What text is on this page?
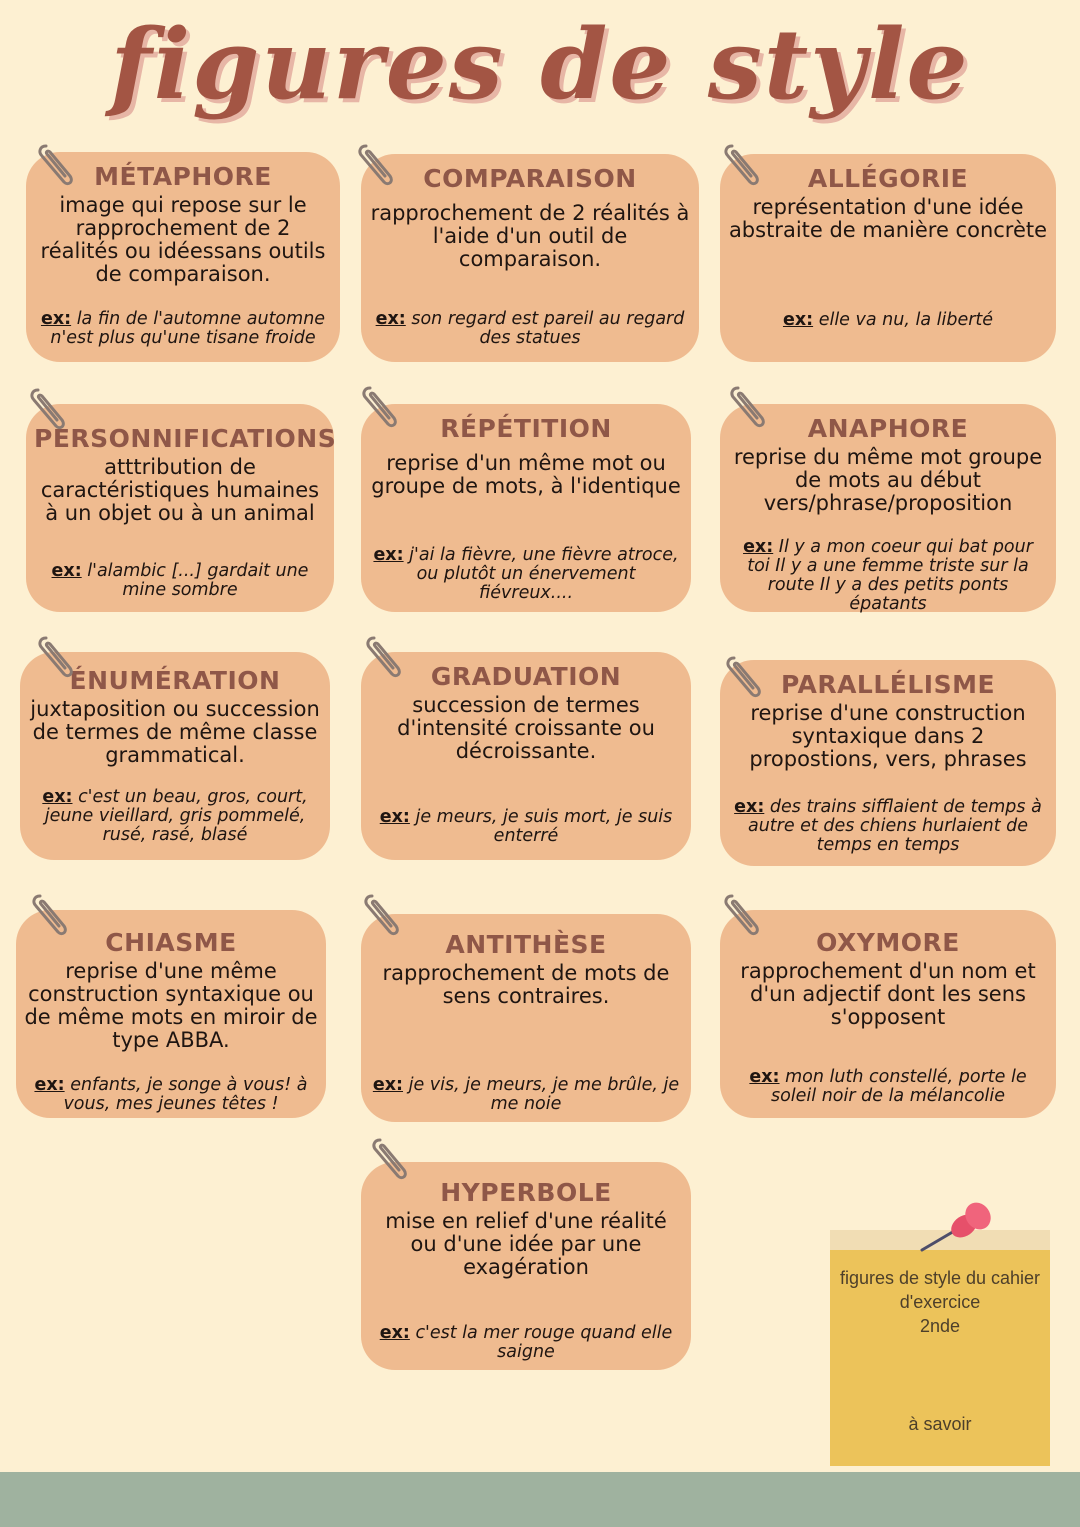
figures de style
MÉTAPHORE
image qui repose sur le rapprochement de 2 réalités ou idéessans outils de comparaison.
ex: la fin de l'automne automne n'est plus qu'une tisane froide
COMPARAISON
rapprochement de 2 réalités à l'aide d'un outil de comparaison.
ex: son regard est pareil au regard des statues
ALLÉGORIE
représentation d'une idée abstraite de manière concrète
ex: elle va nu, la liberté
PERSONNIFICATIONS
atttribution de caractéristiques humaines à un objet ou à un animal
ex: l'alambic [...] gardait une mine sombre
RÉPÉTITION
reprise d'un même mot ou groupe de mots, à l'identique
ex: j'ai la fièvre, une fièvre atroce, ou plutôt un énervement fiévreux....
ANAPHORE
reprise du même mot groupe de mots au début vers/phrase/proposition
ex: Il y a mon coeur qui bat pour toi Il y a une femme triste sur la route Il y a des petits ponts épatants
ÉNUMÉRATION
juxtaposition ou succession de termes de même classe grammatical.
ex: c'est un beau, gros, court, jeune vieillard, gris pommelé, rusé, rasé, blasé
GRADUATION
succession de termes d'intensité croissante ou décroissante.
ex: je meurs, je suis mort, je suis enterré
PARALLÉLISME
reprise d'une construction syntaxique dans 2 propostions, vers, phrases
ex: des trains sifflaient de temps à autre et des chiens hurlaient de temps en temps
CHIASME
reprise d'une même construction syntaxique ou de même mots en miroir de type ABBA.
ex: enfants, je songe à vous! à vous, mes jeunes têtes !
ANTITHÈSE
rapprochement de mots de sens contraires.
ex: je vis, je meurs, je me brûle, je me noie
OXYMORE
rapprochement d'un nom et d'un adjectif dont les sens s'opposent
ex: mon luth constellé, porte le soleil noir de la mélancolie
HYPERBOLE
mise en relief d'une réalité ou d'une idée par une exagération
ex: c'est la mer rouge quand elle saigne
figures de style du cahier
d'exercice
2nde
à savoir
